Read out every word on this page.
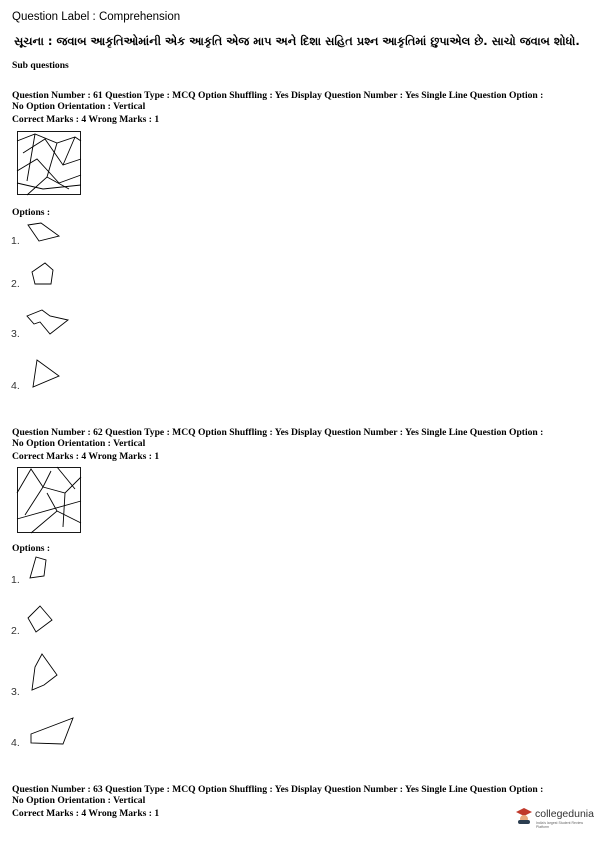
Question Label : Comprehension
સૂચના : જવાબ આકૃતિઓમાંની એક આકૃતિ એજ માપ અને દિશા સહિત પ્રશ્ન આકૃતિમાં છુપાએલ છે. સાચો જવાબ શોધો.
Sub questions
Question Number : 61 Question Type : MCQ Option Shuffling : Yes Display Question Number : Yes Single Line Question Option :
No Option Orientation : Vertical
Correct Marks : 4 Wrong Marks : 1
Options :
1.
2.
3.
4.
Question Number : 62 Question Type : MCQ Option Shuffling : Yes Display Question Number : Yes Single Line Question Option :
No Option Orientation : Vertical
Correct Marks : 4 Wrong Marks : 1
Options :
1.
2.
3.
4.
Question Number : 63 Question Type : MCQ Option Shuffling : Yes Display Question Number : Yes Single Line Question Option :
No Option Orientation : Vertical
Correct Marks : 4 Wrong Marks : 1	collegedunia
India's largest Student Review Platform
